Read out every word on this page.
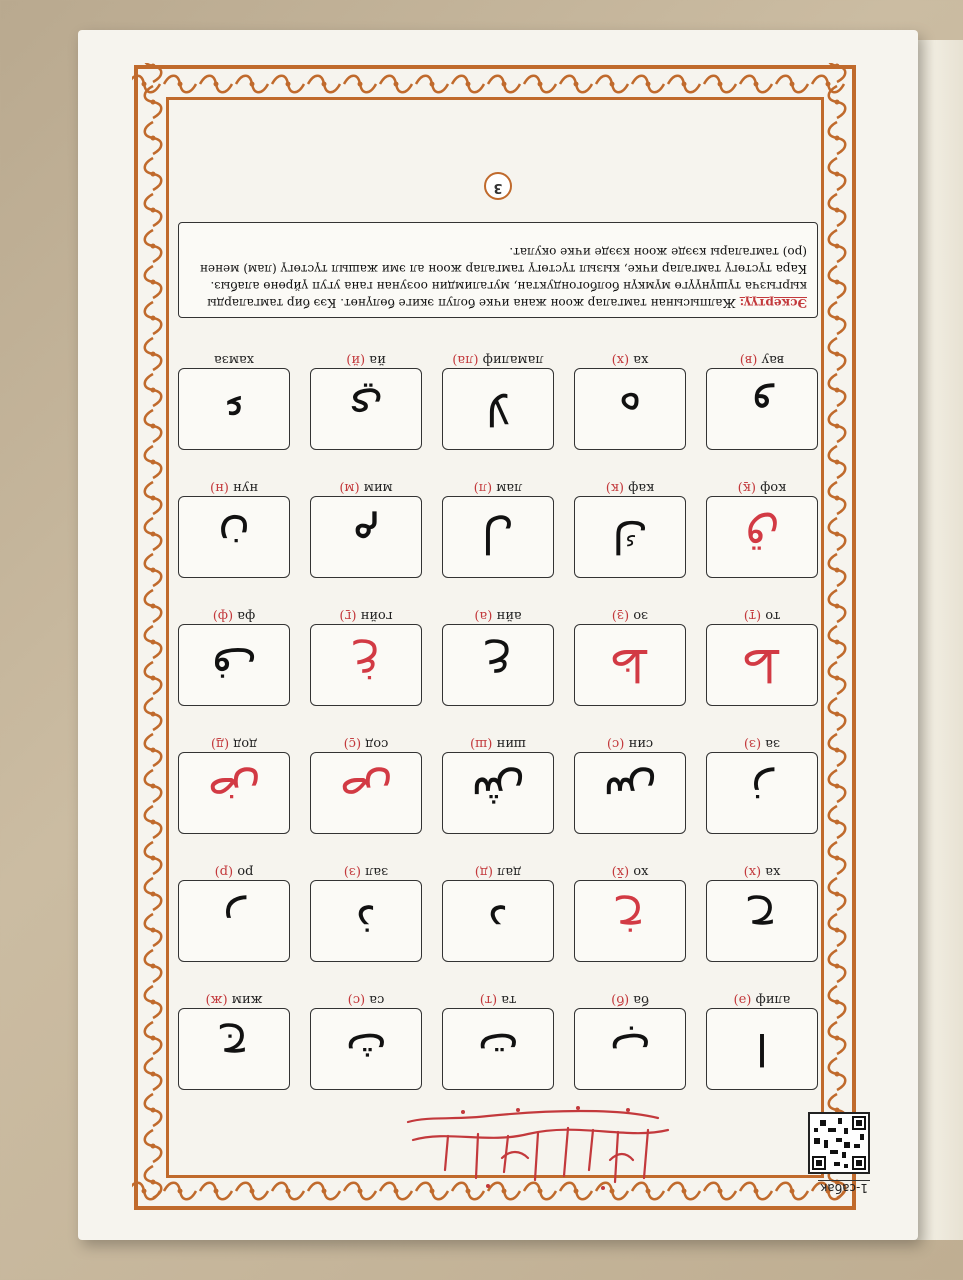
1-сабак
ا
алиф (ә)
ب
ба (б)
ت
та (т)
ث
са (с)
ج
жим (ж)
ح
ха (х)
خ
хо (х̄)
د
дал (д)
ذ
зал (з)
ر
ро (р)
ز
за (з)
س
син (с)
ش
шин (ш)
ص
сод (с̱)
ض
дод (д̱)
ط
то (т̱)
ظ
зо (з̱)
ع
айн (а)
غ
гойн (г̱)
ف
фа (ф)
ق
коф (к̱)
ك
каф (к)
ل
лам (л)
م
мим (м)
ن
нун (н)
و
вау (в)
ه
ха (х)
لا
ламалиф (ла)
ي
йа (й)
ء
хамза
Эскертүү: Жалпысынан тамгалар жоон жана ичке болуп экиге бөлүнөт. Кээ бир тамгаларды кыргызча түшүнүүгө мүмкүн болбогондуктан, мугалимдин оозунан гана угуп үйрөнө алабыз. Кара түстөгү тамгалар ичке, кызыл түстөгү тамгалар жоон ал эми жашыл түстөгү (лам) менен (ро) тамгалары кээде жоон кээде ичке окулат.
3
